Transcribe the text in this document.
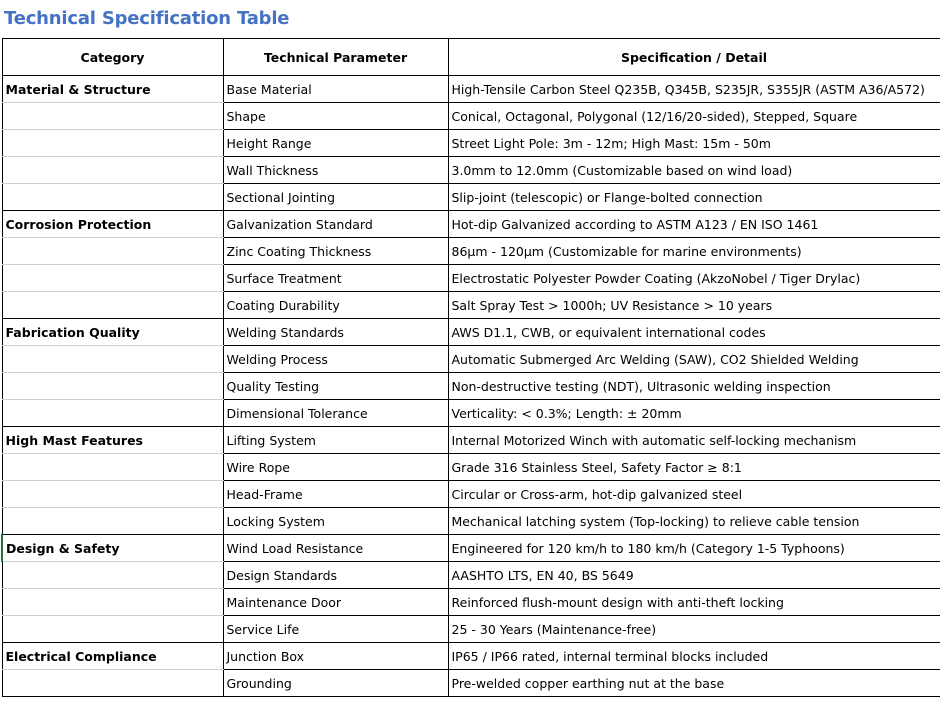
Technical Specification Table
Category	Technical Parameter	Specification / Detail
Material & Structure	Base Material	High-Tensile Carbon Steel Q235B, Q345B, S235JR, S355JR (ASTM A36/A572)
	Shape	Conical, Octagonal, Polygonal (12/16/20-sided), Stepped, Square
	Height Range	Street Light Pole: 3m - 12m; High Mast: 15m - 50m
	Wall Thickness	3.0mm to 12.0mm (Customizable based on wind load)
	Sectional Jointing	Slip-joint (telescopic) or Flange-bolted connection
Corrosion Protection	Galvanization Standard	Hot-dip Galvanized according to ASTM A123 / EN ISO 1461
	Zinc Coating Thickness	86μm - 120μm (Customizable for marine environments)
	Surface Treatment	Electrostatic Polyester Powder Coating (AkzoNobel / Tiger Drylac)
	Coating Durability	Salt Spray Test > 1000h; UV Resistance > 10 years
Fabrication Quality	Welding Standards	AWS D1.1, CWB, or equivalent international codes
	Welding Process	Automatic Submerged Arc Welding (SAW), CO2 Shielded Welding
	Quality Testing	Non-destructive testing (NDT), Ultrasonic welding inspection
	Dimensional Tolerance	Verticality: < 0.3%; Length: ± 20mm
High Mast Features	Lifting System	Internal Motorized Winch with automatic self-locking mechanism
	Wire Rope	Grade 316 Stainless Steel, Safety Factor ≥ 8:1
	Head-Frame	Circular or Cross-arm, hot-dip galvanized steel
	Locking System	Mechanical latching system (Top-locking) to relieve cable tension
Design & Safety	Wind Load Resistance	Engineered for 120 km/h to 180 km/h (Category 1-5 Typhoons)
	Design Standards	AASHTO LTS, EN 40, BS 5649
	Maintenance Door	Reinforced flush-mount design with anti-theft locking
	Service Life	25 - 30 Years (Maintenance-free)
Electrical Compliance	Junction Box	IP65 / IP66 rated, internal terminal blocks included
	Grounding	Pre-welded copper earthing nut at the base
